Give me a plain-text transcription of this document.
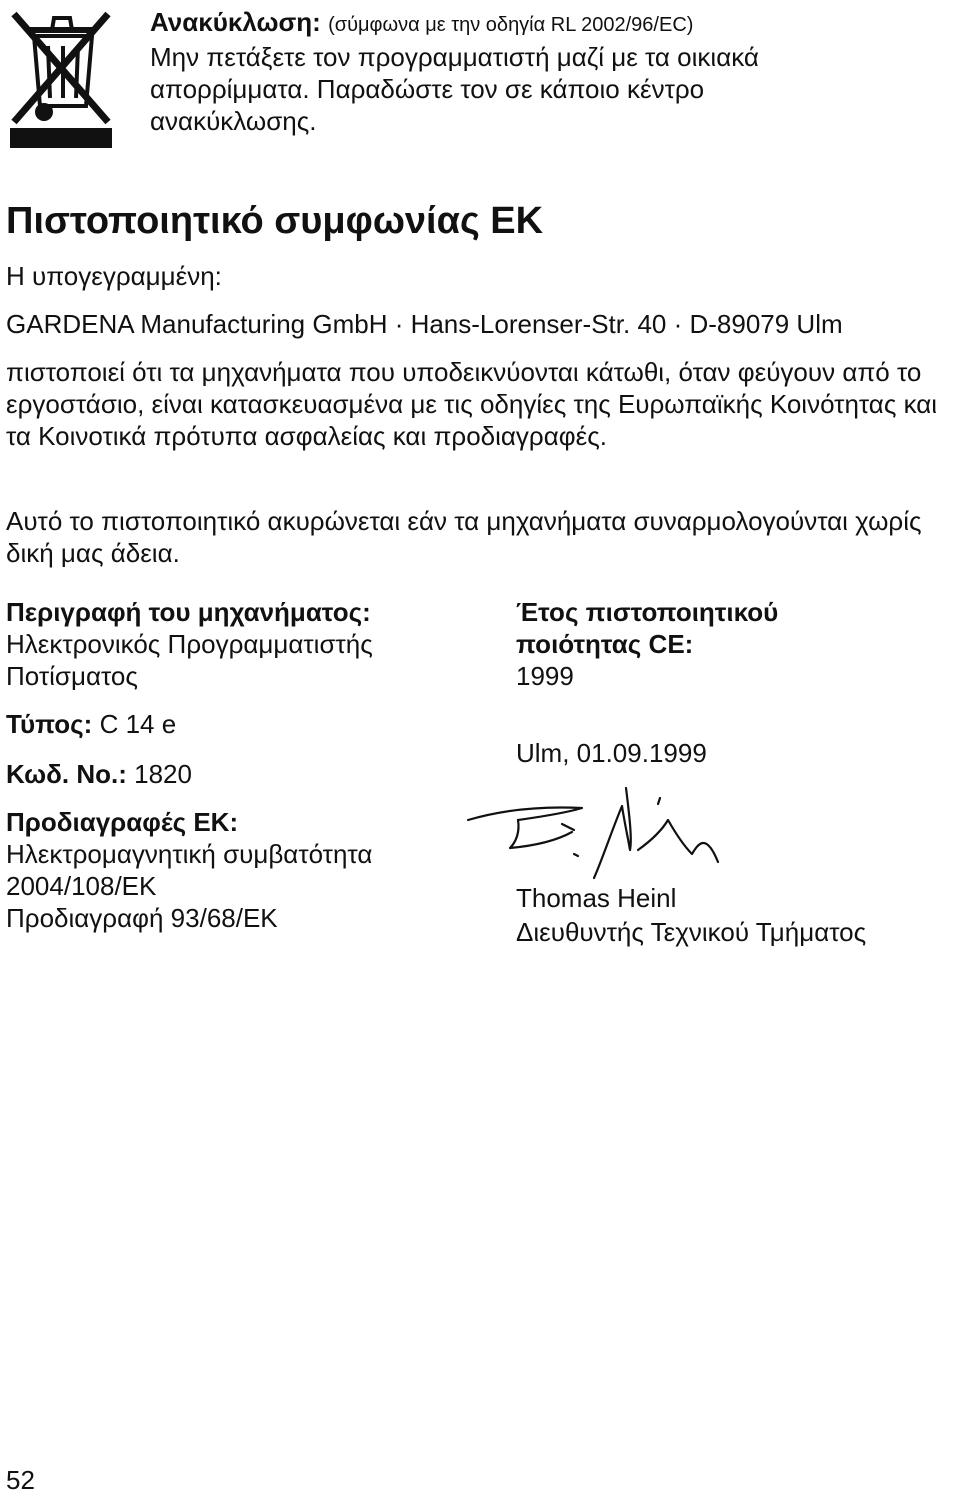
Ανακύκλωση: (σύμφωνα με την οδηγία RL 2002/96/EC)
Μην πετάξετε τον προγραμματιστή μαζί με τα οικιακά
απορρίμματα. Παραδώστε τον σε κάποιο κέντρο
ανακύκλωσης.
Πιστοποιητικό συμφωνίας ΕΚ
Η υπογεγραμμένη:
GARDENA Manufacturing GmbH · Hans-Lorenser-Str. 40 · D-89079 Ulm
πιστοποιεί ότι τα μηχανήματα που υποδεικνύονται κάτωθι, όταν φεύγουν από το εργοστάσιο, είναι κατασκευασμένα με τις οδηγίες της Ευρωπαϊκής Κοινότητας και τα Κοινοτικά πρότυπα ασφαλείας και προδιαγραφές.
Αυτό το πιστοποιητικό ακυρώνεται εάν τα μηχανήματα συναρμολογούνται χωρίς δική μας άδεια.
Περιγραφή του μηχανήματος:
Ηλεκτρονικός Προγραμματιστής
Ποτίσματος
Τύπος: C 14 e
Κωδ. Νο.: 1820
Προδιαγραφές ΕΚ:
Ηλεκτρομαγνητική συμβατότητα
2004/108/ΕΚ
Προδιαγραφή 93/68/ΕΚ
Έτος πιστοποιητικού
ποιότητας CE:
1999
Ulm, 01.09.1999
Thomas Heinl
Διευθυντής Τεχνικού Τμήματος
52
